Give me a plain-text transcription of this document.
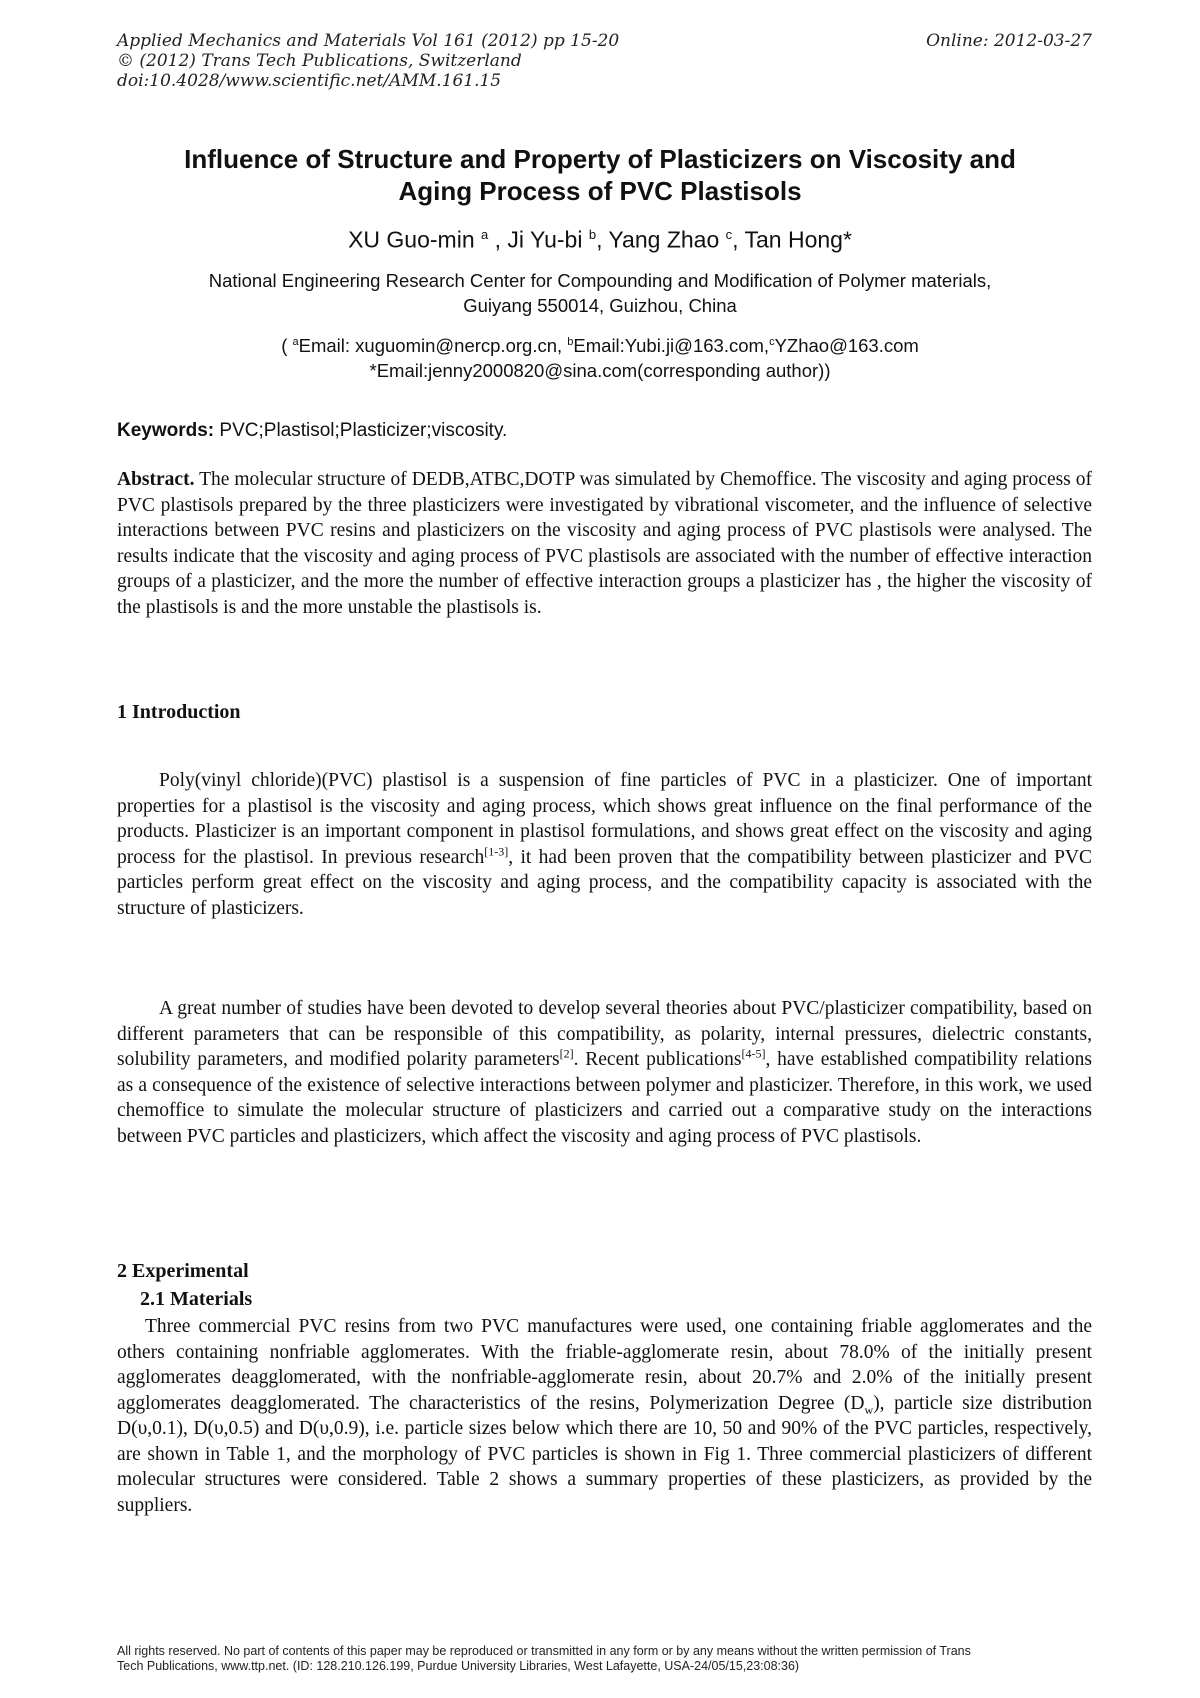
Applied Mechanics and Materials Vol 161 (2012) pp 15-20
© (2012) Trans Tech Publications, Switzerland
doi:10.4028/www.scientific.net/AMM.161.15
Online: 2012-03-27
Influence of Structure and Property of Plasticizers on Viscosity and
Aging Process of PVC Plastisols
XU Guo-min $^a$ , Ji Yu-bi $^b$, Yang Zhao $^c$, Tan Hong*
National Engineering Research Center for Compounding and Modification of Polymer materials,
Guiyang 550014, Guizhou, China
( $^a$Email: xuguomin@nercp.org.cn, $^b$Email:Yubi.ji@163.com,$^c$YZhao@163.com
*Email:jenny2000820@sina.com(corresponding author))
Keywords: PVC;Plastisol;Plasticizer;viscosity.
Abstract. The molecular structure of DEDB,ATBC,DOTP was simulated by Chemoffice. The viscosity and aging process of PVC plastisols prepared by the three plasticizers were investigated by vibrational viscometer, and the influence of selective interactions between PVC resins and plasticizers on the viscosity and aging process of PVC plastisols were analysed. The results indicate that the viscosity and aging process of PVC plastisols are associated with the number of effective interaction groups of a plasticizer, and the more the number of effective interaction groups a plasticizer has , the higher the viscosity of the plastisols is and the more unstable the plastisols is.
1 Introduction
Poly(vinyl chloride)(PVC) plastisol is a suspension of fine particles of PVC in a plasticizer. One of important properties for a plastisol is the viscosity and aging process, which shows great influence on the final performance of the products. Plasticizer is an important component in plastisol formulations, and shows great effect on the viscosity and aging process for the plastisol. In previous research[1-3], it had been proven that the compatibility between plasticizer and PVC particles perform great effect on the viscosity and aging process, and the compatibility capacity is associated with the structure of plasticizers.
A great number of studies have been devoted to develop several theories about PVC/plasticizer compatibility, based on different parameters that can be responsible of this compatibility, as polarity, internal pressures, dielectric constants, solubility parameters, and modified polarity parameters[2]. Recent publications[4-5], have established compatibility relations as a consequence of the existence of selective interactions between polymer and plasticizer. Therefore, in this work, we used chemoffice to simulate the molecular structure of plasticizers and carried out a comparative study on the interactions between PVC particles and plasticizers, which affect the viscosity and aging process of PVC plastisols.
2 Experimental
2.1 Materials
Three commercial PVC resins from two PVC manufactures were used, one containing friable agglomerates and the others containing nonfriable agglomerates. With the friable-agglomerate resin, about 78.0% of the initially present agglomerates deagglomerated, with the nonfriable-agglomerate resin, about 20.7% and 2.0% of the initially present agglomerates deagglomerated. The characteristics of the resins, Polymerization Degree $(D_w)$, particle size distribution D(υ,0.1), D(υ,0.5) and D(υ,0.9), i.e. particle sizes below which there are 10, 50 and 90% of the PVC particles, respectively, are shown in Table 1, and the morphology of PVC particles is shown in Fig 1. Three commercial plasticizers of different molecular structures were considered. Table 2 shows a summary properties of these plasticizers, as provided by the suppliers.
All rights reserved. No part of contents of this paper may be reproduced or transmitted in any form or by any means without the written permission of Trans
Tech Publications, www.ttp.net. (ID: 128.210.126.199, Purdue University Libraries, West Lafayette, USA-24/05/15,23:08:36)
